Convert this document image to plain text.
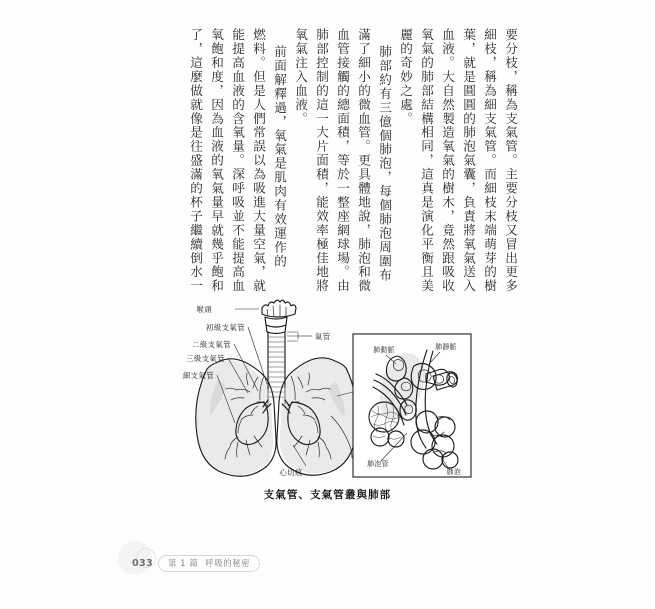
要分枝，稱為支氣管。主要分枝又冒出更多
細枝，稱為細支氣管。而細枝末端萌芽的樹
葉，就是圓圓的肺泡氣囊，負責將氧氣送入
血液。大自然製造氧氣的樹木，竟然跟吸收
氧氣的肺部結構相同，這真是演化平衡且美
麗的奇妙之處。
肺部約有三億個肺泡，每個肺泡周圍布
滿了細小的微血管。更具體地說，肺泡和微
血管接觸的總面積，等於一整座網球場。由
肺部控制的這一大片面積，能效率極佳地將
氧氣注入血液。
前面解釋過，氧氣是肌肉有效運作的
燃料。但是人們常誤以為吸進大量空氣，就
能提高血液的含氧量。深呼吸並不能提高血
氧飽和度，因為血液的氧氣量早就幾乎飽和
了，這麼做就像是往盛滿的杯子繼續倒水一
喉頭
初級支氣管
二級支氣管
三級支氣管
細支氣管
氣管
心切痕
肺動脈	肺靜脈
肺泡管
肺泡
支氣管、支氣管叢與肺部
033 第 1 篇 呼吸的秘密
